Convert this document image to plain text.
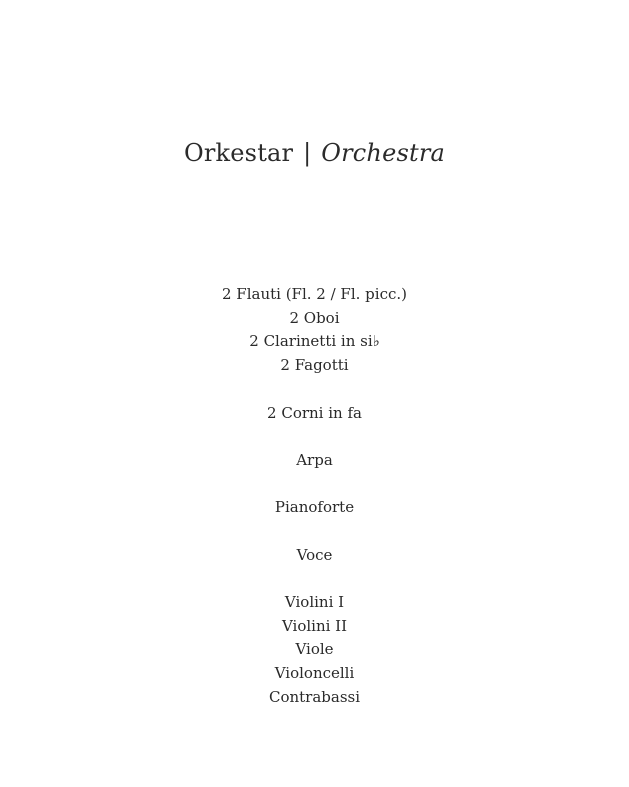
Orkestar | Orchestra
2 Flauti (Fl. 2 / Fl. picc.)
2 Oboi
2 Clarinetti in si♭
2 Fagotti
2 Corni in fa
Arpa
Pianoforte
Voce
Violini I
Violini II
Viole
Violoncelli
Contrabassi
